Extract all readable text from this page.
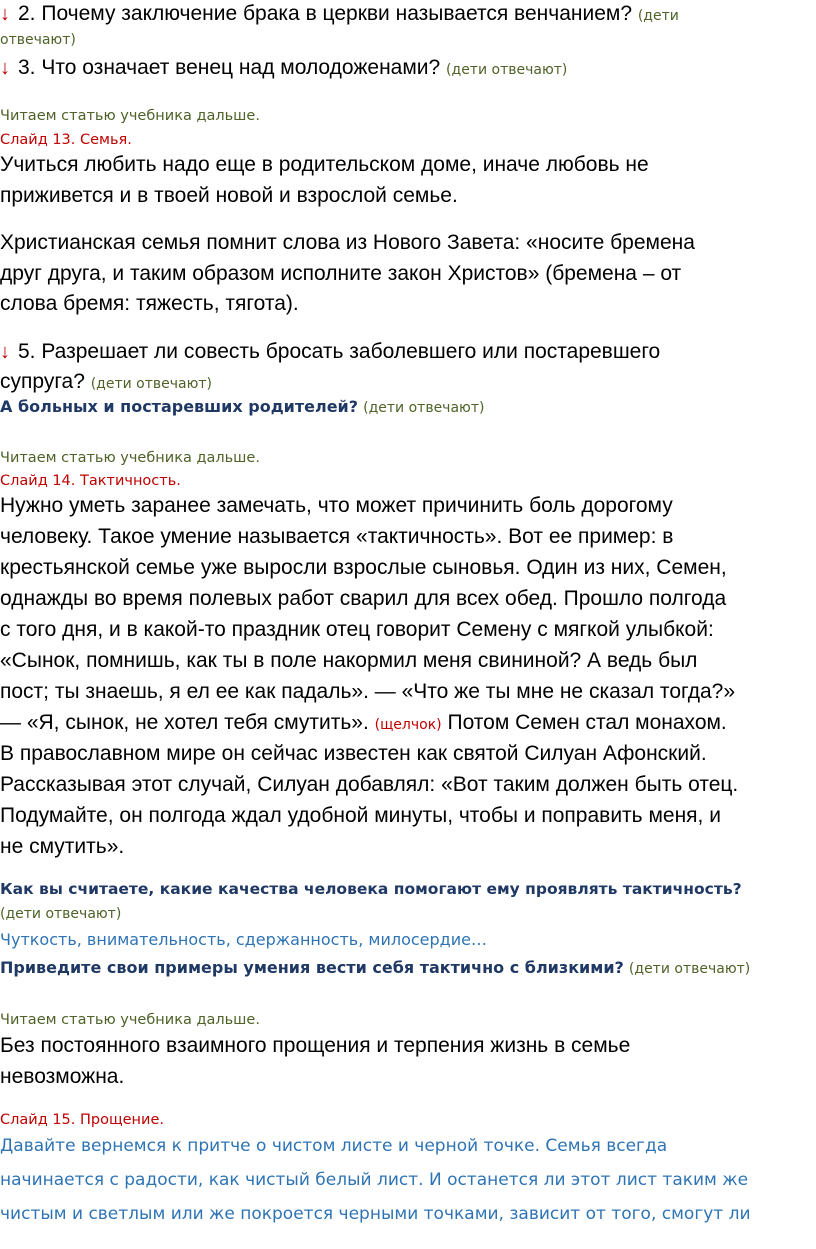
↓ 2. Почему заключение брака в церкви называется венчанием? (дети
отвечают)
↓ 3. Что означает венец над молодоженами? (дети отвечают)
Читаем статью учебника дальше.
Слайд 13. Семья.
Учиться любить надо еще в родительском доме, иначе любовь не
приживется и в твоей новой и взрослой семье.
Христианская семья помнит слова из Нового Завета: «носите бремена
друг друга, и таким образом исполните закон Христов» (бремена – от
слова бремя: тяжесть, тягота).
↓ 5. Разрешает ли совесть бросать заболевшего или постаревшего
супруга? (дети отвечают)
А больных и постаревших родителей? (дети отвечают)
Читаем статью учебника дальше.
Слайд 14. Тактичность.
Нужно уметь заранее замечать, что может причинить боль дорогому
человеку. Такое умение называется «тактичность». Вот ее пример: в
крестьянской семье уже выросли взрослые сыновья. Один из них, Семен,
однажды во время полевых работ сварил для всех обед. Прошло полгода
с того дня, и в какой-то праздник отец говорит Семену с мягкой улыбкой:
«Сынок, помнишь, как ты в поле накормил меня свининой? А ведь был
пост; ты знаешь, я ел ее как падаль». — «Что же ты мне не сказал тогда?»
— «Я, сынок, не хотел тебя смутить». (щелчок) Потом Семен стал монахом.
В православном мире он сейчас известен как святой Силуан Афонский.
Рассказывая этот случай, Силуан добавлял: «Вот таким должен быть отец.
Подумайте, он полгода ждал удобной минуты, чтобы и поправить меня, и
не смутить».
Как вы считаете, какие качества человека помогают ему проявлять тактичность?
(дети отвечают)
Чуткость, внимательность, сдержанность, милосердие…
Приведите свои примеры умения вести себя тактично с близкими? (дети отвечают)
Читаем статью учебника дальше.
Без постоянного взаимного прощения и терпения жизнь в семье
невозможна.
Слайд 15. Прощение.
Давайте вернемся к притче о чистом листе и черной точке. Семья всегда
начинается с радости, как чистый белый лист. И останется ли этот лист таким же
чистым и светлым или же покроется черными точками, зависит от того, смогут ли
